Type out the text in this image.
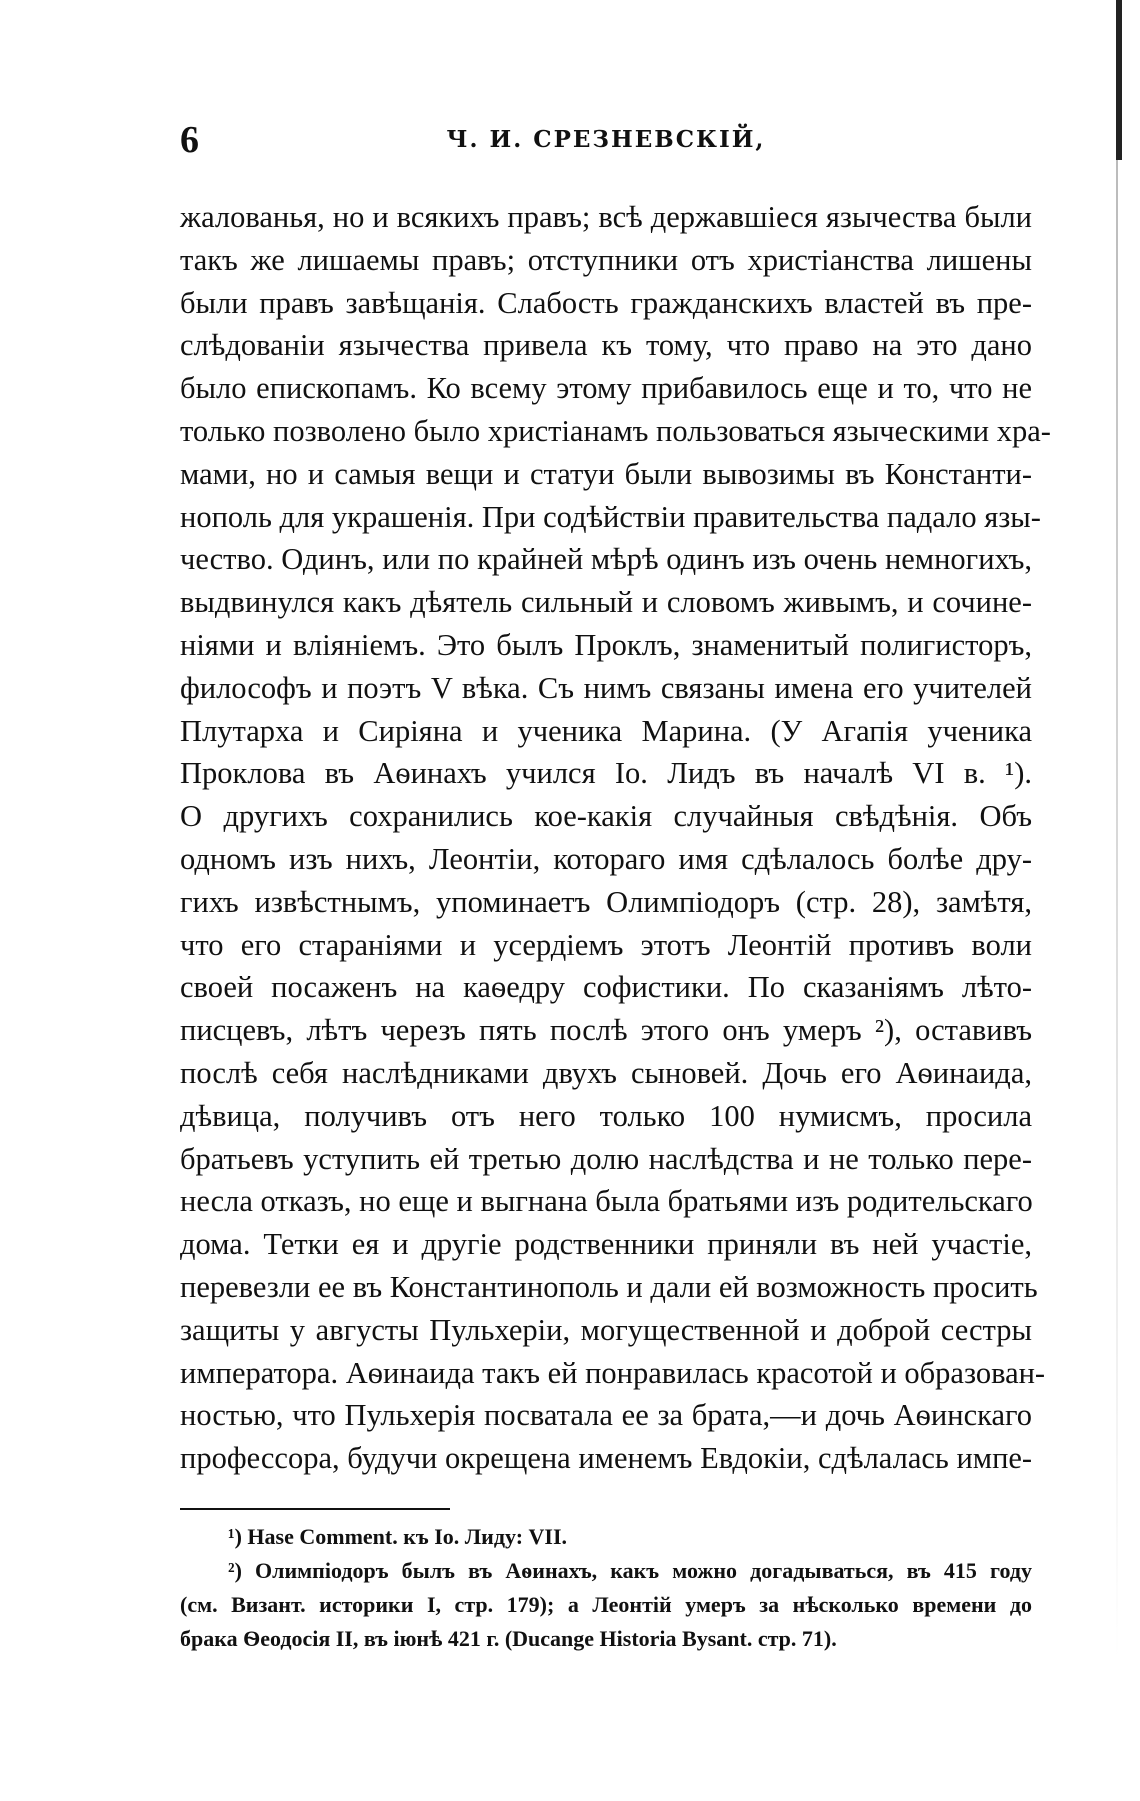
6	Ч. И. СРЕЗНЕВСКІЙ,
жалованья, но и всякихъ правъ; всѣ державшіеся язычества были
такъ же лишаемы правъ; отступники отъ христіанства лишены
были правъ завѣщанія. Слабость гражданскихъ властей въ пре-
слѣдованіи язычества привела къ тому, что право на это дано
было епископамъ. Ко всему этому прибавилось еще и то, что не
только позволено было христіанамъ пользоваться языческими хра-
мами, но и самыя вещи и статуи были вывозимы въ Константи-
нополь для украшенія. При содѣйствіи правительства падало язы-
чество. Одинъ, или по крайней мѣрѣ одинъ изъ очень немногихъ,
выдвинулся какъ дѣятель сильный и словомъ живымъ, и сочине-
ніями и вліяніемъ. Это былъ Проклъ, знаменитый полигисторъ,
философъ и поэтъ V вѣка. Съ нимъ связаны имена его учителей
Плутарха и Сиріяна и ученика Марина. (У Агапія ученика
Проклова въ Аѳинахъ учился Іо. Лидъ въ началѣ VI в. ¹).
О другихъ сохранились кое-какія случайныя свѣдѣнія. Объ
одномъ изъ нихъ, Леонтіи, котораго имя сдѣлалось болѣе дру-
гихъ извѣстнымъ, упоминаетъ Олимпіодоръ (стр. 28), замѣтя,
что его стараніями и усердіемъ этотъ Леонтій противъ воли
своей посаженъ на каѳедру софистики. По сказаніямъ лѣто-
писцевъ, лѣтъ черезъ пять послѣ этого онъ умеръ ²), оставивъ
послѣ себя наслѣдниками двухъ сыновей. Дочь его Аѳинаида,
дѣвица, получивъ отъ него только 100 нумисмъ, просила
братьевъ уступить ей третью долю наслѣдства и не только пере-
несла отказъ, но еще и выгнана была братьями изъ родительскаго
дома. Тетки ея и другіе родственники приняли въ ней участіе,
перевезли ее въ Константинополь и дали ей возможность просить
защиты у августы Пульхеріи, могущественной и доброй сестры
императора. Аѳинаида такъ ей понравилась красотой и образован-
ностью, что Пульхерія посватала ее за брата,—и дочь Аѳинскаго
профессора, будучи окрещена именемъ Евдокіи, сдѣлалась импе-
¹) Hase Comment. къ Іо. Лиду: VII.
²) Олимпіодоръ былъ въ Аѳинахъ, какъ можно догадываться, въ 415 году
(см. Визант. историки I, стр. 179); а Леонтій умеръ за нѣсколько времени до
брака Ѳеодосія II, въ іюнѣ 421 г. (Ducange Historia Bysant. стр. 71).
